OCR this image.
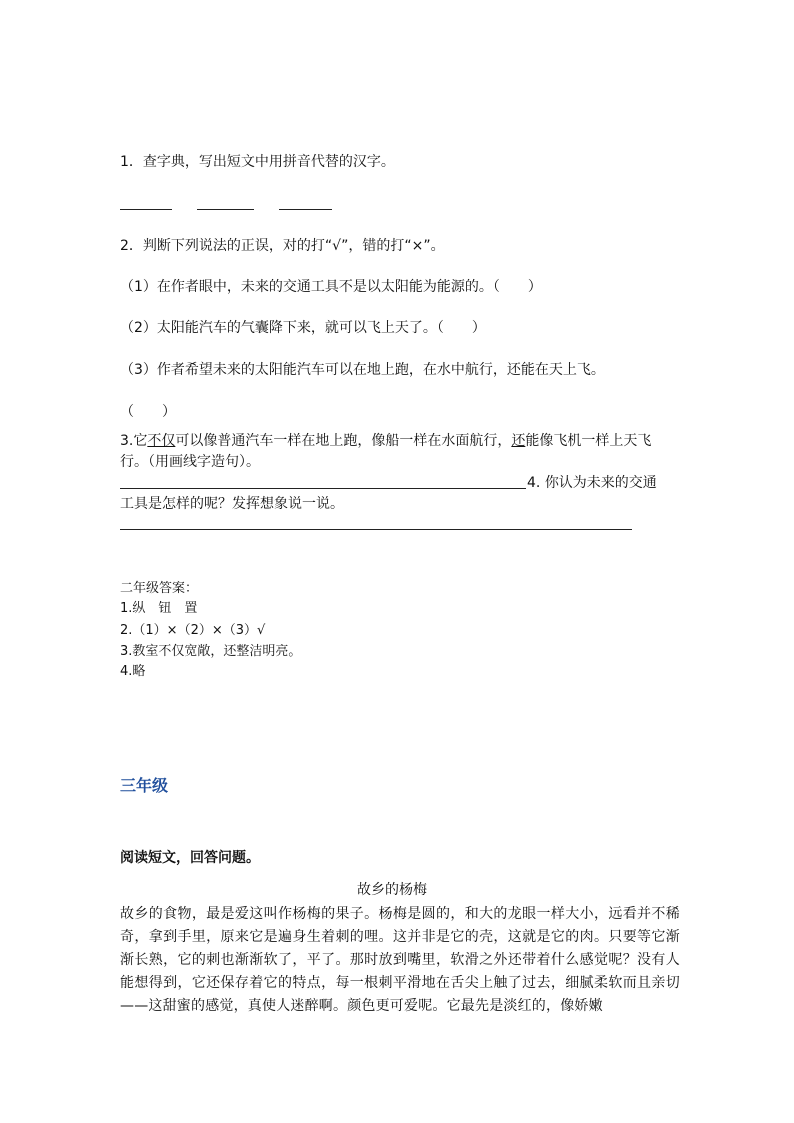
1．查字典，写出短文中用拼音代替的汉字。
2．判断下列说法的正误，对的打“√”，错的打“×”。
（1）在作者眼中，未来的交通工具不是以太阳能为能源的。（　　）
（2）太阳能汽车的气囊降下来，就可以飞上天了。（　　）
（3）作者希望未来的太阳能汽车可以在地上跑，在水中航行，还能在天上飞。
（　　）
3.它不仅可以像普通汽车一样在地上跑，像船一样在水面航行，还能像飞机一样上天飞
行。（用画线字造句）。
4. 你认为未来的交通
工具是怎样的呢？发挥想象说一说。
二年级答案：
1.纵　钮　置
2.（1）×（2）×（3）√
3.教室不仅宽敞，还整洁明亮。
4.略
三年级
阅读短文，回答问题。
故乡的杨梅

故乡的食物，最是爱这叫作杨梅的果子。杨梅是圆的，和大的龙眼一样大小，远看并不稀奇，拿到手里，原来它是遍身生着刺的哩。这并非是它的壳，这就是它的肉。只要等它渐渐长熟，它的刺也渐渐软了，平了。那时放到嘴里，软滑之外还带着什么感觉呢？没有人能想得到，它还保存着它的特点，每一根刺平滑地在舌尖上触了过去，细腻柔软而且亲切——这甜蜜的感觉，真使人迷醉啊。颜色更可爱呢。它最先是淡红的，像娇嫩
